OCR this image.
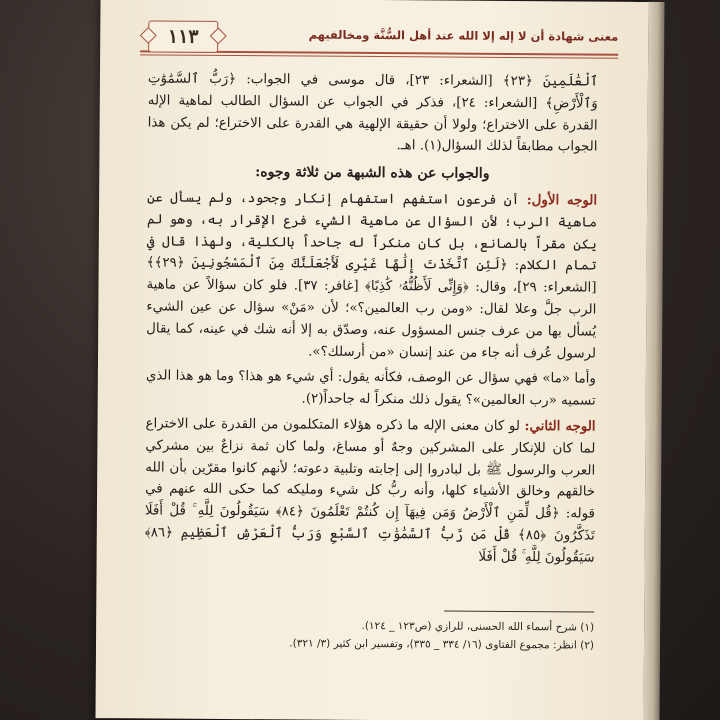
معنى شهادة أن لا إله إلا الله عند أهل السُّنَّة ومخالفيهم
١١٣

ٱلْعَٰلَمِينَ ﴿٢٣﴾ [الشعراء: ٢٣]، قال موسى في الجواب: ﴿رَبُّ ٱلسَّمَٰوَٰتِ وَٱلْأَرْضِ﴾ [الشعراء: ٢٤]، فذكر في الجواب عن السؤال الطالب لماهية الإله القدرة على الاختراع؛ ولولا أن حقيقة الإلهية هي القدرة على الاختراع؛ لم يكن هذا الجواب مطابقاً لذلك السؤال(١). اهـ.

والجواب عن هذه الشبهة من ثلاثة وجوه:

الوجه الأول: أن فرعون استفهم استفهام إنكار وجحود، ولم يسأل عن ماهية الرب؛ لأن السؤال عن ماهية الشيء فرع الإقرار به، وهو لم يكن مقراً بالصانع، بل كان منكراً له جاحداً بالكلية، ولهذا قال في تمام الكلام: ﴿لَئِنِ ٱتَّخَذْتَ إِلَٰهًا غَيْرِى لَأَجْعَلَنَّكَ مِنَ ٱلْمَسْجُونِينَ ﴿٢٩﴾﴾ [الشعراء: ٢٩]، وقال: ﴿وَإِنِّى لَأَظُنُّهُۥ كَٰذِبًا﴾ [غافر: ٣٧]. فلو كان سؤالاً عن ماهية الرب جلَّ وعلا لقال: «ومن رب العالمين؟»؛ لأن «مَنْ» سؤال عن عين الشيء يُسأل بها من عرف جنس المسؤول عنه، وصدّق به إلا أنه شك في عينه، كما يقال لرسول عُرف أنه جاء من عند إنسان «من أرسلك؟».

وأما «ما» فهي سؤال عن الوصف، فكأنه يقول: أي شيء هو هذا؟ وما هو هذا الذي تسميه «رب العالمين»؟ يقول ذلك منكراً له جاحداً(٢).

الوجه الثاني: لو كان معنى الإله ما ذكره هؤلاء المتكلمون من القدرة على الاختراع لما كان للإنكار على المشركين وجهٌ أو مساغ، ولما كان ثمة نزاعٌ بين مشركي العرب والرسول ﷺ بل لبادروا إلى إجابته وتلبية دعوته؛ لأنهم كانوا مقرّين بأن الله خالقهم وخالق الأشياء كلها، وأنه ربُّ كل شيء ومليكه كما حكى الله عنهم في قوله: ﴿قُل لِّمَنِ ٱلْأَرْضُ وَمَن فِيهَآ إِن كُنتُمْ تَعْلَمُونَ ﴿٨٤﴾ سَيَقُولُونَ لِلَّهِ ۚ قُلْ أَفَلَا تَذَكَّرُونَ ﴿٨٥﴾ قُلْ مَن رَّبُّ ٱلسَّمَٰوَٰتِ ٱلسَّبْعِ وَرَبُّ ٱلْعَرْشِ ٱلْعَظِيمِ ﴿٨٦﴾ سَيَقُولُونَ لِلَّهِ ۚ قُلْ أَفَلَا

(١) شرح أسماء الله الحسنى، للرازي (ص١٢٣ _ ١٢٤).
(٢) انظر: مجموع الفتاوى (١٦/ ٣٣٤ _ ٣٣٥)، وتفسير ابن كثير (٣/ ٣٢١).
